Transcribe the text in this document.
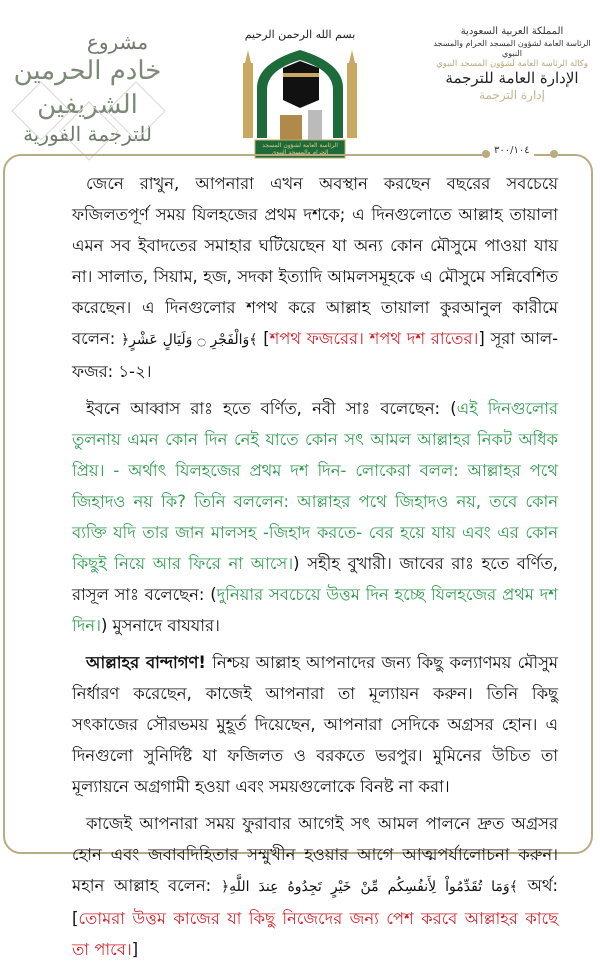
مشروع
خادم الحرمين الشريفين
للترجمة الفورية
بسم الله الرحمن الرحيم
الرئاسة العامة لشؤون المسجد الحرام والمسجد النبوي
المملكة العربية السعودية
الرئاسة العامة لشؤون المسجد الحرام والمسجد النبوي
وكالة الرئاسة العامة لشؤون المسجد النبوي
الإدارة العامة للترجمة
إدارة الترجمة
٣٠٠/١٠٤

জেনে রাখুন, আপনারা এখন অবস্থান করছেন বছরের সবচেয়ে ফজিলতপূর্ণ সময় যিলহজের প্রথম দশকে; এ দিনগুলোতে আল্লাহ তায়ালা এমন সব ইবাদতের সমাহার ঘটিয়েছেন যা অন্য কোন মৌসুমে পাওয়া যায় না। সালাত, সিয়াম, হজ, সদকা ইত্যাদি আমলসমূহকে এ মৌসুমে সন্নিবেশিত করেছেন। এ দিনগুলোর শপথ করে আল্লাহ তায়ালা কুরআনুল কারীমে বলেন: ﴿وَالْفَجْرِ ۝ وَلَيَالٍ عَشْرٍ﴾ [শপথ ফজরের। শপথ দশ রাতের।] সূরা আল-ফজর: ১-২।

ইবনে আব্বাস রাঃ হতে বর্ণিত, নবী সাঃ বলেছেন: (এই দিনগুলোর তুলনায় এমন কোন দিন নেই যাতে কোন সৎ আমল আল্লাহর নিকট অধিক প্রিয়। - অর্থাৎ যিলহজের প্রথম দশ দিন- লোকেরা বলল: আল্লাহর পথে জিহাদও নয় কি? তিনি বললেন: আল্লাহর পথে জিহাদও নয়, তবে কোন ব্যক্তি যদি তার জান মালসহ -জিহাদ করতে- বের হয়ে যায় এবং এর কোন কিছুই নিয়ে আর ফিরে না আসে।) সহীহ বুখারী। জাবের রাঃ হতে বর্ণিত, রাসূল সাঃ বলেছেন: (দুনিয়ার সবচেয়ে উত্তম দিন হচ্ছে যিলহজের প্রথম দশ দিন।) মুসনাদে বাযযার।

আল্লাহর বান্দাগণ! নিশ্চয় আল্লাহ আপনাদের জন্য কিছু কল্যাণময় মৌসুম নির্ধারণ করেছেন, কাজেই আপনারা তা মূল্যায়ন করুন। তিনি কিছু সৎকাজের সৌরভময় মুহূর্ত দিয়েছেন, আপনারা সেদিকে অগ্রসর হোন। এ দিনগুলো সুনির্দিষ্ট যা ফজিলত ও বরকতে ভরপুর। মুমিনের উচিত তা মূল্যায়নে অগ্রগামী হওয়া এবং সময়গুলোকে বিনষ্ট না করা।

কাজেই আপনারা সময় ফুরাবার আগেই সৎ আমল পালনে দ্রুত অগ্রসর হোন এবং জবাবদিহিতার সম্মুখীন হওয়ার আগে আত্মপর্যালোচনা করুন। মহান আল্লাহ বলেন: ﴿وَمَا تُقَدِّمُواْ لِأَنفُسِكُم مِّنْ خَيْرٍ تَجِدُوهُ عِندَ اللَّهِ﴾ অর্থ: [তোমরা উত্তম কাজের যা কিছু নিজেদের জন্য পেশ করবে আল্লাহর কাছে তা পাবে।]
